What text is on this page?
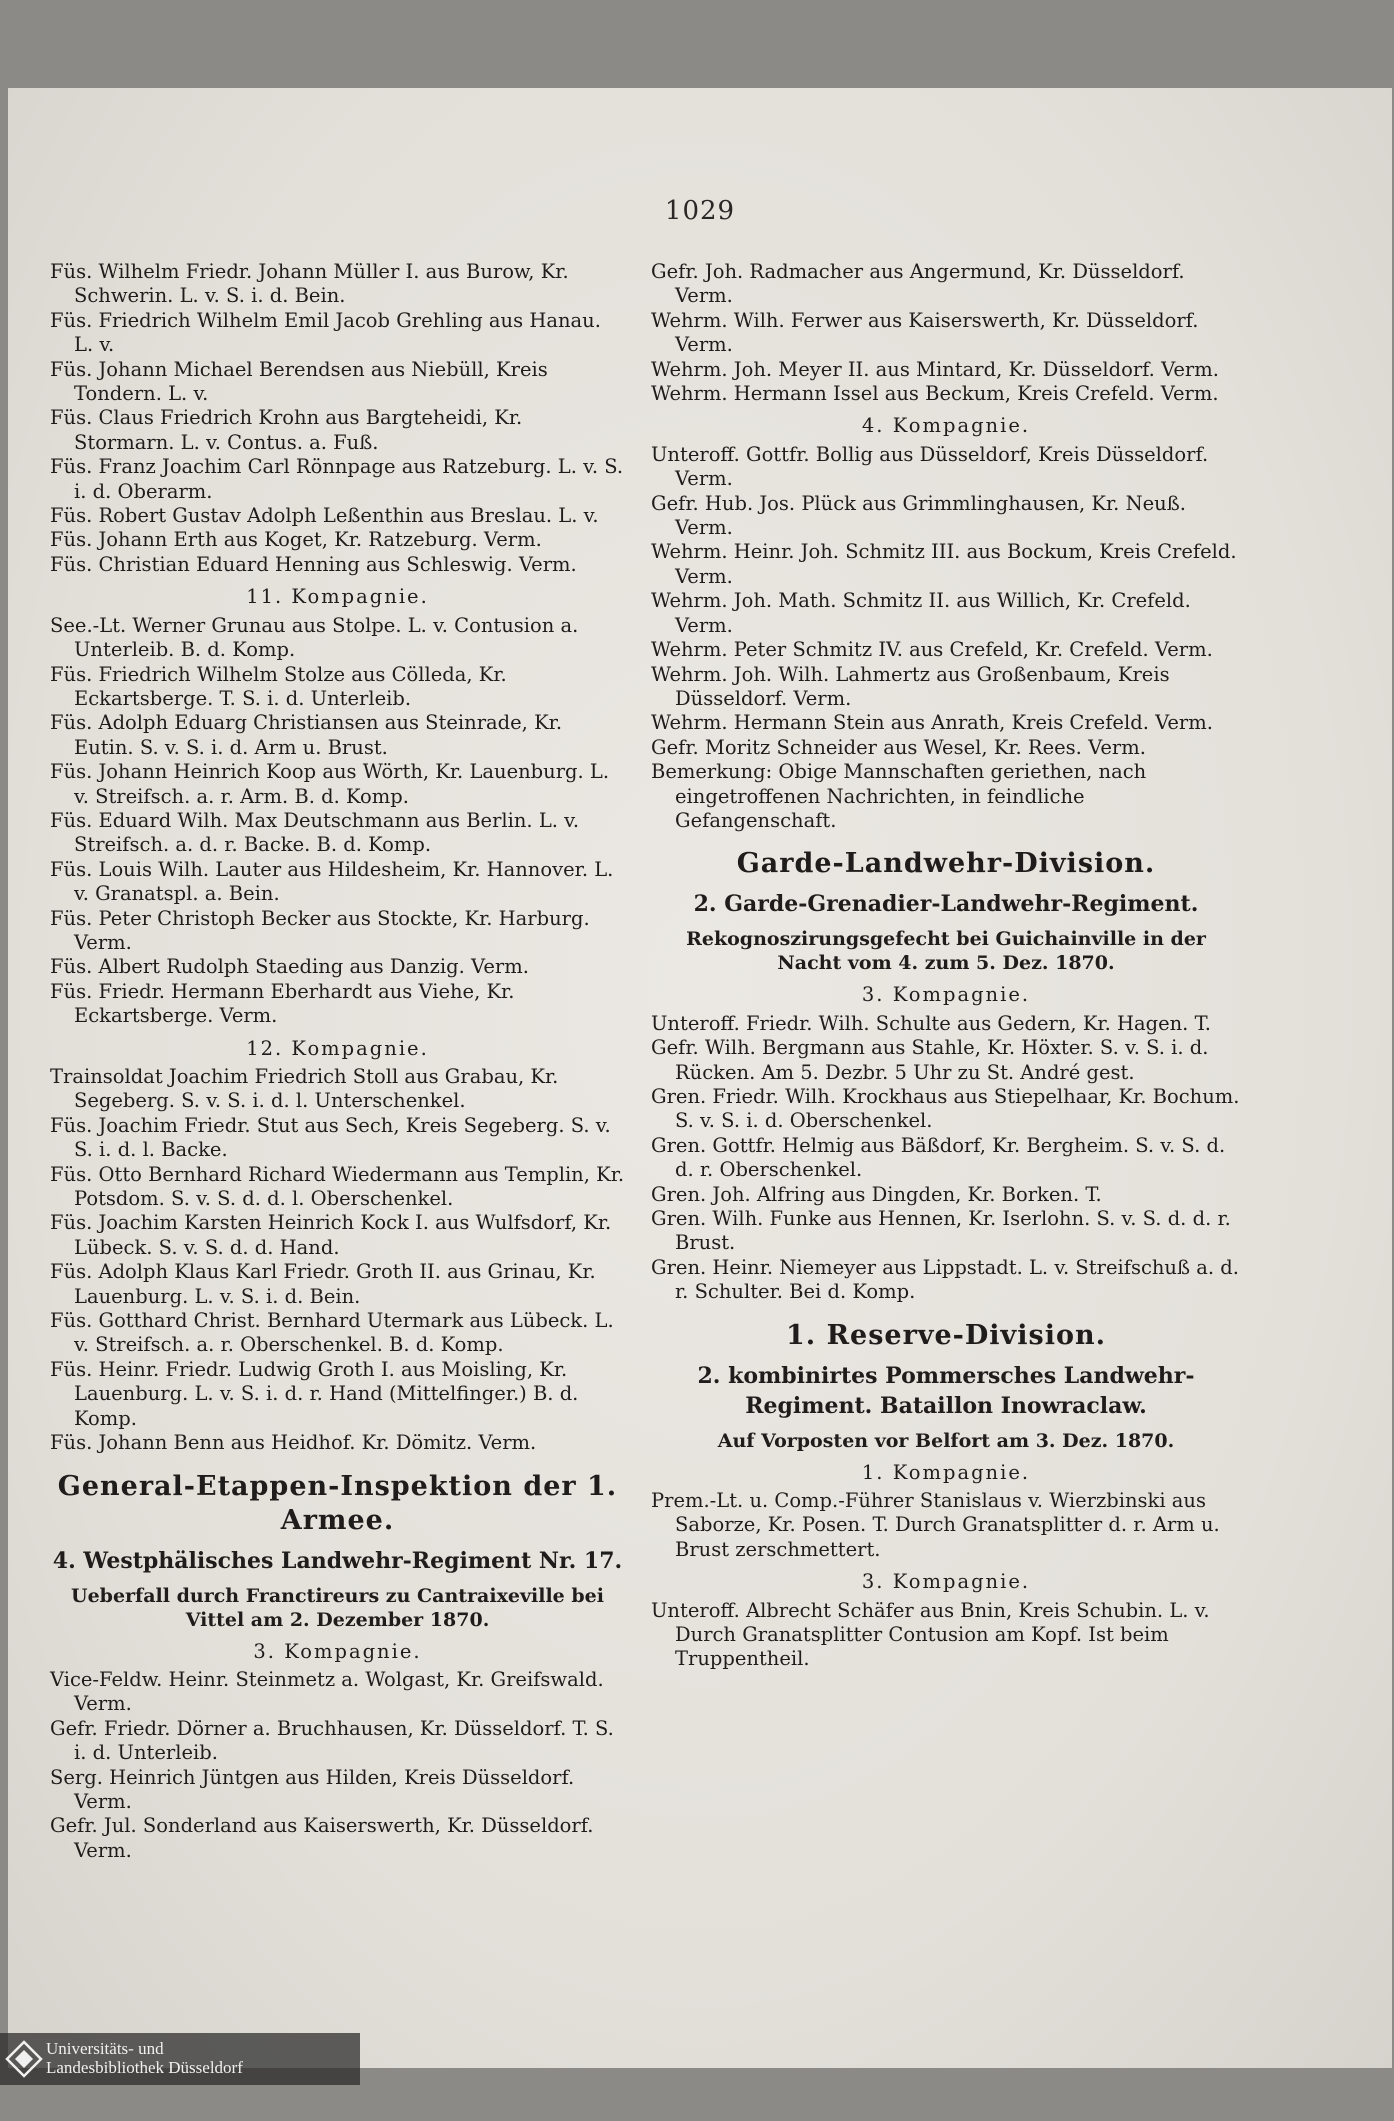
1029
Füs. Wilhelm Friedr. Johann Müller I. aus Burow, Kr. Schwerin. L. v. S. i. d. Bein.
Füs. Friedrich Wilhelm Emil Jacob Grehling aus Hanau. L. v.
Füs. Johann Michael Berendsen aus Niebüll, Kreis Tondern. L. v.
Füs. Claus Friedrich Krohn aus Bargteheidi, Kr. Stormarn. L. v. Contus. a. Fuß.
Füs. Franz Joachim Carl Rönnpage aus Ratzeburg. L. v. S. i. d. Oberarm.
Füs. Robert Gustav Adolph Leßenthin aus Breslau. L. v.
Füs. Johann Erth aus Koget, Kr. Ratzeburg. Verm.
Füs. Christian Eduard Henning aus Schleswig. Verm.
11. Kompagnie.
See.-Lt. Werner Grunau aus Stolpe. L. v. Contusion a. Unterleib. B. d. Komp.
Füs. Friedrich Wilhelm Stolze aus Cölleda, Kr. Eckartsberge. T. S. i. d. Unterleib.
Füs. Adolph Eduarg Christiansen aus Steinrade, Kr. Eutin. S. v. S. i. d. Arm u. Brust.
Füs. Johann Heinrich Koop aus Wörth, Kr. Lauenburg. L. v. Streifsch. a. r. Arm. B. d. Komp.
Füs. Eduard Wilh. Max Deutschmann aus Berlin. L. v. Streifsch. a. d. r. Backe. B. d. Komp.
Füs. Louis Wilh. Lauter aus Hildesheim, Kr. Hannover. L. v. Granatspl. a. Bein.
Füs. Peter Christoph Becker aus Stockte, Kr. Harburg. Verm.
Füs. Albert Rudolph Staeding aus Danzig. Verm.
Füs. Friedr. Hermann Eberhardt aus Viehe, Kr. Eckartsberge. Verm.
12. Kompagnie.
Trainsoldat Joachim Friedrich Stoll aus Grabau, Kr. Segeberg. S. v. S. i. d. l. Unterschenkel.
Füs. Joachim Friedr. Stut aus Sech, Kreis Segeberg. S. v. S. i. d. l. Backe.
Füs. Otto Bernhard Richard Wiedermann aus Templin, Kr. Potsdom. S. v. S. d. d. l. Oberschenkel.
Füs. Joachim Karsten Heinrich Kock I. aus Wulfsdorf, Kr. Lübeck. S. v. S. d. d. Hand.
Füs. Adolph Klaus Karl Friedr. Groth II. aus Grinau, Kr. Lauenburg. L. v. S. i. d. Bein.
Füs. Gotthard Christ. Bernhard Utermark aus Lübeck. L. v. Streifsch. a. r. Oberschenkel. B. d. Komp.
Füs. Heinr. Friedr. Ludwig Groth I. aus Moisling, Kr. Lauenburg. L. v. S. i. d. r. Hand (Mittelfinger.) B. d. Komp.
Füs. Johann Benn aus Heidhof. Kr. Dömitz. Verm.
General-Etappen-Inspektion der 1. Armee.
4. Westphälisches Landwehr-Regiment Nr. 17.
Ueberfall durch Franctireurs zu Cantraixeville bei Vittel am 2. Dezember 1870.
3. Kompagnie.
Vice-Feldw. Heinr. Steinmetz a. Wolgast, Kr. Greifswald. Verm.
Gefr. Friedr. Dörner a. Bruchhausen, Kr. Düsseldorf. T. S. i. d. Unterleib.
Serg. Heinrich Jüntgen aus Hilden, Kreis Düsseldorf. Verm.
Gefr. Jul. Sonderland aus Kaiserswerth, Kr. Düsseldorf. Verm.
Gefr. Joh. Radmacher aus Angermund, Kr. Düsseldorf. Verm.
Wehrm. Wilh. Ferwer aus Kaiserswerth, Kr. Düsseldorf. Verm.
Wehrm. Joh. Meyer II. aus Mintard, Kr. Düsseldorf. Verm.
Wehrm. Hermann Issel aus Beckum, Kreis Crefeld. Verm.
4. Kompagnie.
Unteroff. Gottfr. Bollig aus Düsseldorf, Kreis Düsseldorf. Verm.
Gefr. Hub. Jos. Plück aus Grimmlinghausen, Kr. Neuß. Verm.
Wehrm. Heinr. Joh. Schmitz III. aus Bockum, Kreis Crefeld. Verm.
Wehrm. Joh. Math. Schmitz II. aus Willich, Kr. Crefeld. Verm.
Wehrm. Peter Schmitz IV. aus Crefeld, Kr. Crefeld. Verm.
Wehrm. Joh. Wilh. Lahmertz aus Großenbaum, Kreis Düsseldorf. Verm.
Wehrm. Hermann Stein aus Anrath, Kreis Crefeld. Verm.
Gefr. Moritz Schneider aus Wesel, Kr. Rees. Verm.
Bemerkung: Obige Mannschaften geriethen, nach eingetroffenen Nachrichten, in feindliche Gefangenschaft.
Garde-Landwehr-Division.
2. Garde-Grenadier-Landwehr-Regiment.
Rekognoszirungsgefecht bei Guichainville in der Nacht vom 4. zum 5. Dez. 1870.
3. Kompagnie.
Unteroff. Friedr. Wilh. Schulte aus Gedern, Kr. Hagen. T.
Gefr. Wilh. Bergmann aus Stahle, Kr. Höxter. S. v. S. i. d. Rücken. Am 5. Dezbr. 5 Uhr zu St. André gest.
Gren. Friedr. Wilh. Krockhaus aus Stiepelhaar, Kr. Bochum. S. v. S. i. d. Oberschenkel.
Gren. Gottfr. Helmig aus Bäßdorf, Kr. Bergheim. S. v. S. d. d. r. Oberschenkel.
Gren. Joh. Alfring aus Dingden, Kr. Borken. T.
Gren. Wilh. Funke aus Hennen, Kr. Iserlohn. S. v. S. d. d. r. Brust.
Gren. Heinr. Niemeyer aus Lippstadt. L. v. Streifschuß a. d. r. Schulter. Bei d. Komp.
1. Reserve-Division.
2. kombinirtes Pommersches Landwehr-Regiment. Bataillon Inowraclaw.
Auf Vorposten vor Belfort am 3. Dez. 1870.
1. Kompagnie.
Prem.-Lt. u. Comp.-Führer Stanislaus v. Wierzbinski aus Saborze, Kr. Posen. T. Durch Granatsplitter d. r. Arm u. Brust zerschmettert.
3. Kompagnie.
Unteroff. Albrecht Schäfer aus Bnin, Kreis Schubin. L. v. Durch Granatsplitter Contusion am Kopf. Ist beim Truppentheil.
Universitäts- und
Landesbibliothek Düsseldorf
